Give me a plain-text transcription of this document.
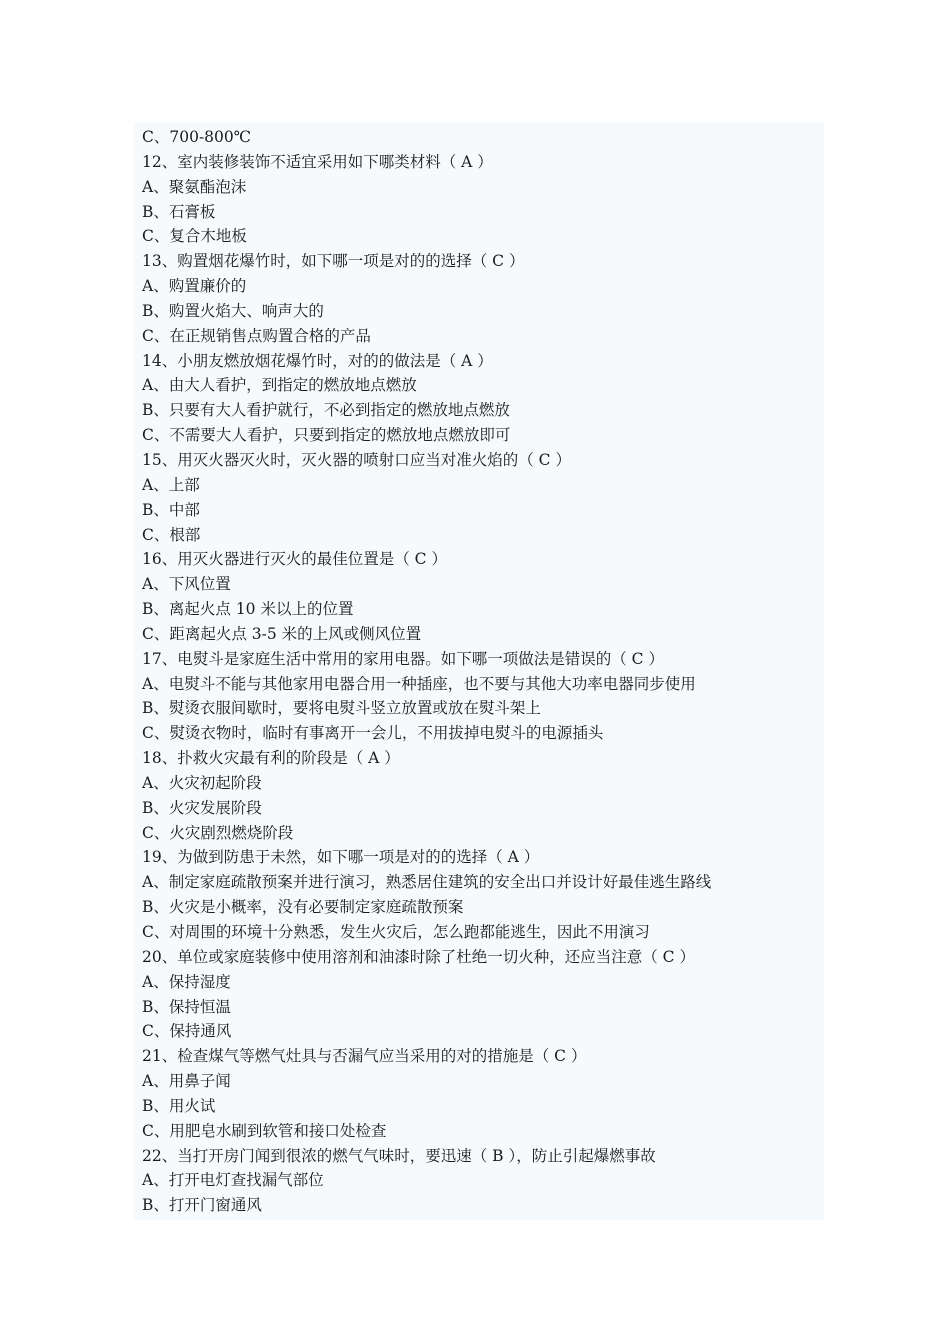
C、700-800℃
12、室内装修装饰不适宜采用如下哪类材料（ A ）
A、聚氨酯泡沫
B、石膏板
C、复合木地板
13、购置烟花爆竹时，如下哪一项是对的的选择（ C ）
A、购置廉价的
B、购置火焰大、响声大的
C、在正规销售点购置合格的产品
14、小朋友燃放烟花爆竹时，对的的做法是（ A ）
A、由大人看护，到指定的燃放地点燃放
B、只要有大人看护就行，不必到指定的燃放地点燃放
C、不需要大人看护，只要到指定的燃放地点燃放即可
15、用灭火器灭火时，灭火器的喷射口应当对准火焰的（ C ）
A、上部
B、中部
C、根部
16、用灭火器进行灭火的最佳位置是（ C ）
A、下风位置
B、离起火点 10 米以上的位置
C、距离起火点 3-5 米的上风或侧风位置
17、电熨斗是家庭生活中常用的家用电器。如下哪一项做法是错误的（ C ）
A、电熨斗不能与其他家用电器合用一种插座，也不要与其他大功率电器同步使用
B、熨烫衣服间歇时，要将电熨斗竖立放置或放在熨斗架上
C、熨烫衣物时，临时有事离开一会儿，不用拔掉电熨斗的电源插头
18、扑救火灾最有利的阶段是（ A ）
A、火灾初起阶段
B、火灾发展阶段
C、火灾剧烈燃烧阶段
19、为做到防患于未然，如下哪一项是对的的选择（ A ）
A、制定家庭疏散预案并进行演习，熟悉居住建筑的安全出口并设计好最佳逃生路线
B、火灾是小概率，没有必要制定家庭疏散预案
C、对周围的环境十分熟悉，发生火灾后，怎么跑都能逃生，因此不用演习
20、单位或家庭装修中使用溶剂和油漆时除了杜绝一切火种，还应当注意（ C ）
A、保持湿度
B、保持恒温
C、保持通风
21、检查煤气等燃气灶具与否漏气应当采用的对的措施是（ C ）
A、用鼻子闻
B、用火试
C、用肥皂水刷到软管和接口处检查
22、当打开房门闻到很浓的燃气气味时，要迅速（ B ），防止引起爆燃事故
A、打开电灯查找漏气部位
B、打开门窗通风
